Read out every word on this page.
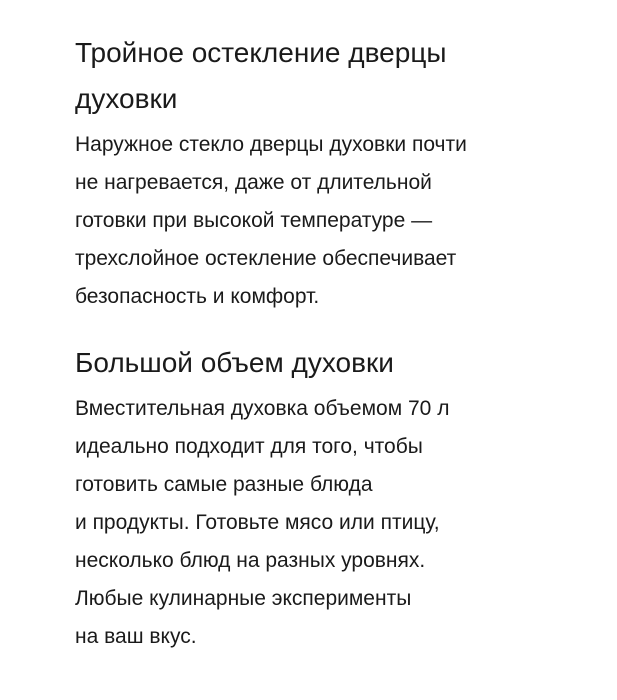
Тройное остекление дверцы
духовки

Наружное стекло дверцы духовки почти
не нагревается, даже от длительной
готовки при высокой температуре —
трехслойное остекление обеспечивает
безопасность и комфорт.

Большой объем духовки

Вместительная духовка объемом 70 л
идеально подходит для того, чтобы
готовить самые разные блюда
и продукты. Готовьте мясо или птицу,
несколько блюд на разных уровнях.
Любые кулинарные эксперименты
на ваш вкус.
